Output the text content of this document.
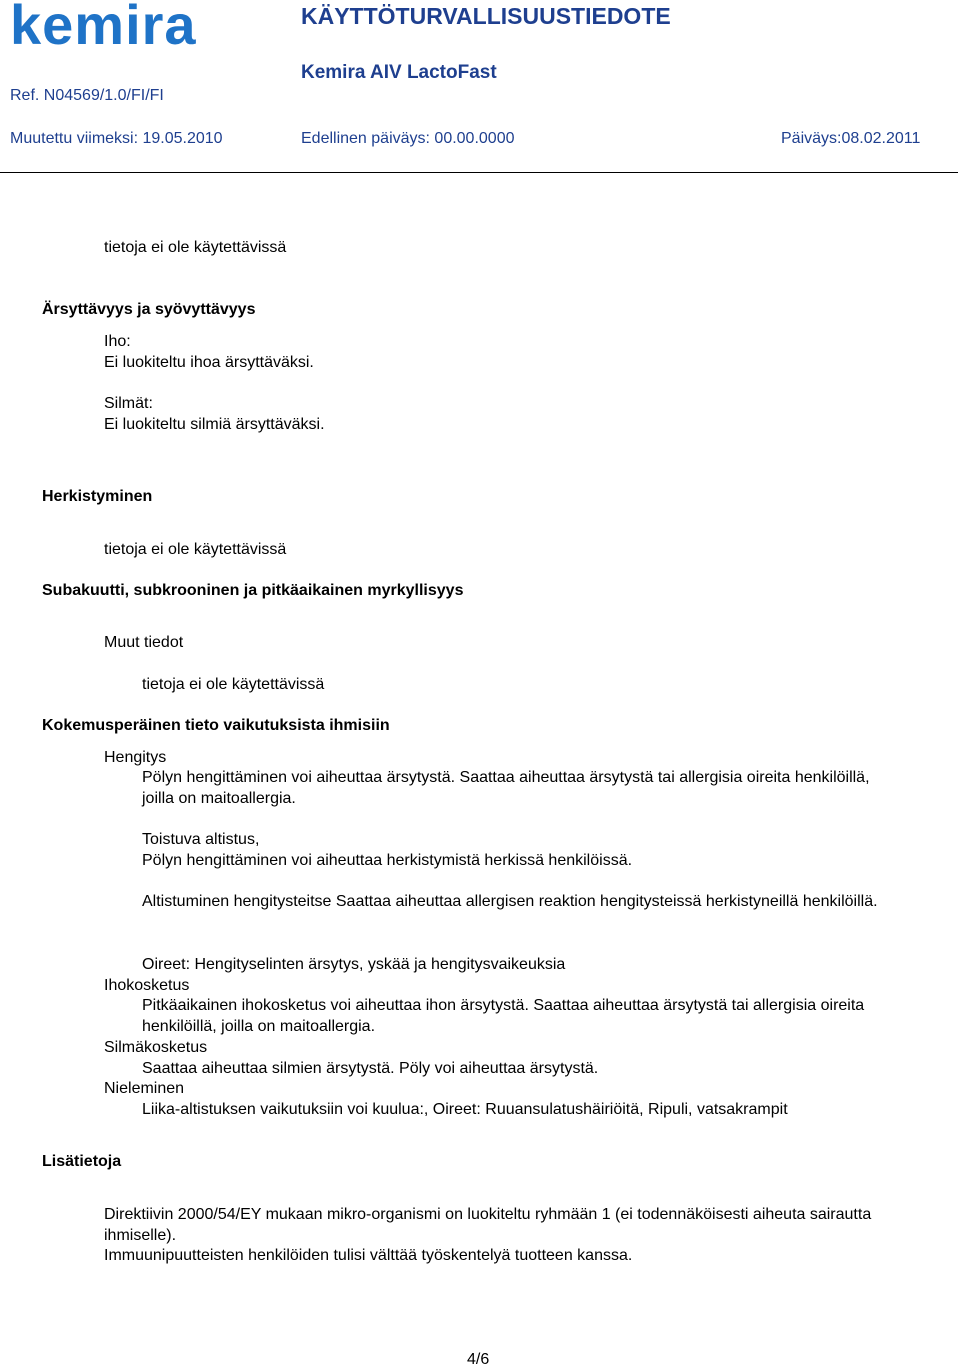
kemira	KÄYTTÖTURVALLISUUSTIEDOTE
Ref. N04569/1.0/FI/FI
Kemira AIV LactoFast
Muutettu viimeksi: 19.05.2010	Edellinen päiväys: 00.00.0000	Päiväys:08.02.2011
tietoja ei ole käytettävissä
Ärsyttävyys ja syövyttävyys
Iho:
Ei luokiteltu ihoa ärsyttäväksi.
Silmät:
Ei luokiteltu silmiä ärsyttäväksi.
Herkistyminen
tietoja ei ole käytettävissä
Subakuutti, subkrooninen ja pitkäaikainen myrkyllisyys
Muut tiedot
tietoja ei ole käytettävissä
Kokemusperäinen tieto vaikutuksista ihmisiin
Hengitys
Pölyn hengittäminen voi aiheuttaa ärsytystä. Saattaa aiheuttaa ärsytystä tai allergisia oireita henkilöillä, joilla on maitoallergia.
Toistuva altistus,
Pölyn hengittäminen voi aiheuttaa herkistymistä herkissä henkilöissä.
Altistuminen hengitysteitse Saattaa aiheuttaa allergisen reaktion hengitysteissä herkistyneillä henkilöillä.
Oireet: Hengityselinten ärsytys, yskää ja hengitysvaikeuksia
Ihokosketus
Pitkäaikainen ihokosketus voi aiheuttaa ihon ärsytystä. Saattaa aiheuttaa ärsytystä tai allergisia oireita henkilöillä, joilla on maitoallergia.
Silmäkosketus
Saattaa aiheuttaa silmien ärsytystä. Pöly voi aiheuttaa ärsytystä.
Nieleminen
Liika-altistuksen vaikutuksiin voi kuulua:, Oireet: Ruuansulatushäiriöitä, Ripuli, vatsakrampit
Lisätietoja
Direktiivin 2000/54/EY mukaan mikro-organismi on luokiteltu ryhmään 1 (ei todennäköisesti aiheuta sairautta ihmiselle).
Immuunipuutteisten henkilöiden tulisi välttää työskentelyä tuotteen kanssa.
4/6
